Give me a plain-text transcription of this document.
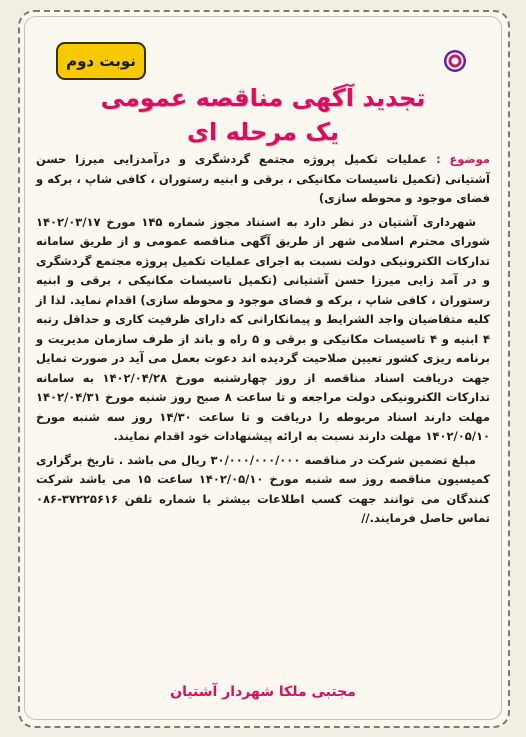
نوبت دوم
تجدید آگهی مناقصه عمومی
یک مرحله ای

موضوع : عملیات تکمیل پروژه مجتمع گردشگری و درآمدزایی میرزا حسن آشتیانی (تکمیل تاسیسات مکانیکی ، برقی و ابنیه رستوران ، کافی شاپ ، برکه و فضای موجود و محوطه سازی)

شهرداری آشتیان در نظر دارد به استناد مجوز شماره ۱۴۵ مورخ ۱۴۰۲/۰۳/۱۷ شورای محترم اسلامی شهر از طریق آگهی مناقصه عمومی و از طریق سامانه تدارکات الکترونیکی دولت نسبت به اجرای عملیات تکمیل پروژه مجتمع گردشگری و در آمد زایی میرزا حسن آشتیانی (تکمیل تاسیسات مکانیکی ، برقی و ابنیه رستوران ، کافی شاپ ، برکه و فضای موجود و محوطه سازی) اقدام نماید. لذا از کلیه متقاضیان واجد الشرایط و پیمانکارانی که دارای ظرفیت کاری و حداقل رتبه ۴ ابنیه و ۴ تاسیسات مکانیکی و برقی و ۵ راه و باند از طرف سازمان مدیریت و برنامه ریزی کشور تعیین صلاحیت گردیده اند دعوت بعمل می آید در صورت تمایل جهت دریافت اسناد مناقصه از روز چهارشنبه مورخ ۱۴۰۲/۰۴/۲۸ به سامانه تدارکات الکترونیکی دولت مراجعه و تا ساعت ۸ صبح روز شنبه مورخ ۱۴۰۲/۰۴/۳۱ مهلت دارند اسناد مربوطه را دریافت و تا ساعت ۱۴/۳۰ روز سه شنبه مورخ ۱۴۰۲/۰۵/۱۰ مهلت دارند نسبت به ارائه پیشنهادات خود اقدام نمایند.

مبلغ تضمین شرکت در مناقصه ۳۰/۰۰۰/۰۰۰/۰۰۰ ریال می باشد . تاریخ برگزاری کمیسیون مناقصه روز سه شنبه مورخ ۱۴۰۲/۰۵/۱۰ ساعت ۱۵ می باشد شرکت کنندگان می توانند جهت کسب اطلاعات بیشتر با شماره تلفن ۳۷۲۲۵۶۱۶-۰۸۶ تماس حاصل فرمایند.//

مجتبی ملکا شهردار آشتیان
